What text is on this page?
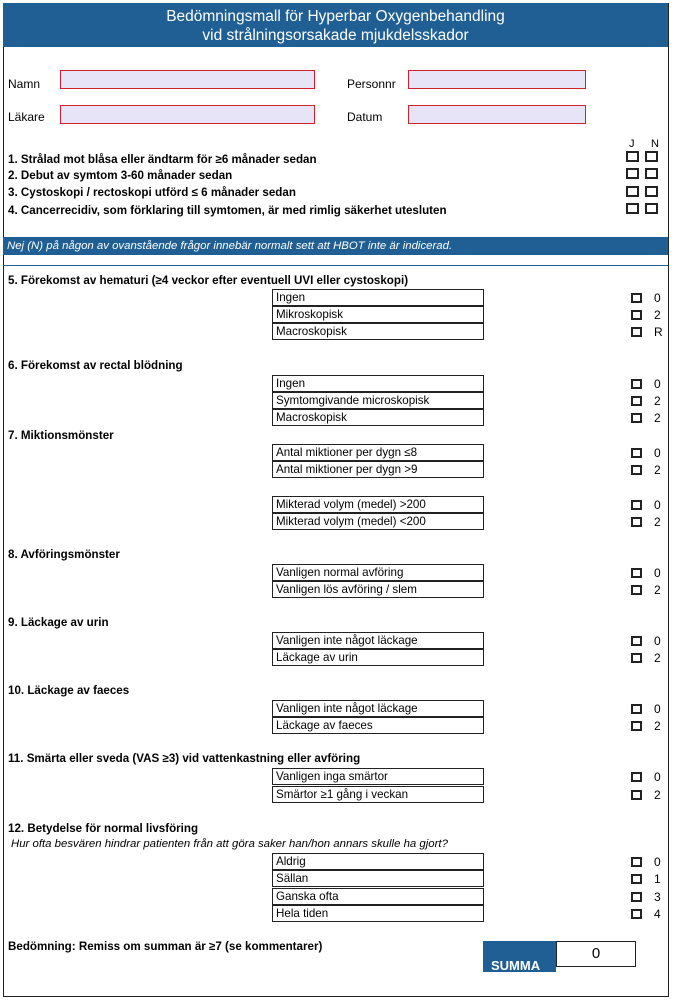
Bedömningsmall för Hyperbar Oxygenbehandling
vid strålningsorsakade mjukdelsskador
Namn	Personnr
Läkare	Datum
J N
1. Strålad mot blåsa eller ändtarm för ≥6 månader sedan
2. Debut av symtom 3-60 månader sedan
3. Cystoskopi / rectoskopi utförd ≤ 6 månader sedan
4. Cancerrecidiv, som förklaring till symtomen, är med rimlig säkerhet utesluten
Nej (N) på någon av ovanstående frågor innebär normalt sett att HBOT inte är indicerad.
5. Förekomst av hematuri (≥4 veckor efter eventuell UVI eller cystoskopi)
Ingen
Mikroskopisk
Macroskopisk
0
2
R
6. Förekomst av rectal blödning
Ingen
Symtomgivande microskopisk
Macroskopisk
0
2
2
7. Miktionsmönster
Antal miktioner per dygn ≤8
Antal miktioner per dygn >9
0
2
Mikterad volym (medel) >200
Mikterad volym (medel) <200
0
2
8. Avföringsmönster
Vanligen normal avföring
Vanligen lös avföring / slem
0
2
9. Läckage av urin
Vanligen inte något läckage
Läckage av urin
0
2
10. Läckage av faeces
Vanligen inte något läckage
Läckage av faeces
0
2
11. Smärta eller sveda (VAS ≥3) vid vattenkastning eller avföring
Vanligen inga smärtor
Smärtor ≥1 gång i veckan
0
2
12. Betydelse för normal livsföring
Hur ofta besvären hindrar patienten från att göra saker han/hon annars skulle ha gjort?
Aldrig
Sällan
Ganska ofta
Hela tiden
0
1
3
4
Bedömning: Remiss om summan är ≥7 (se kommentarer)
SUMMA
0
